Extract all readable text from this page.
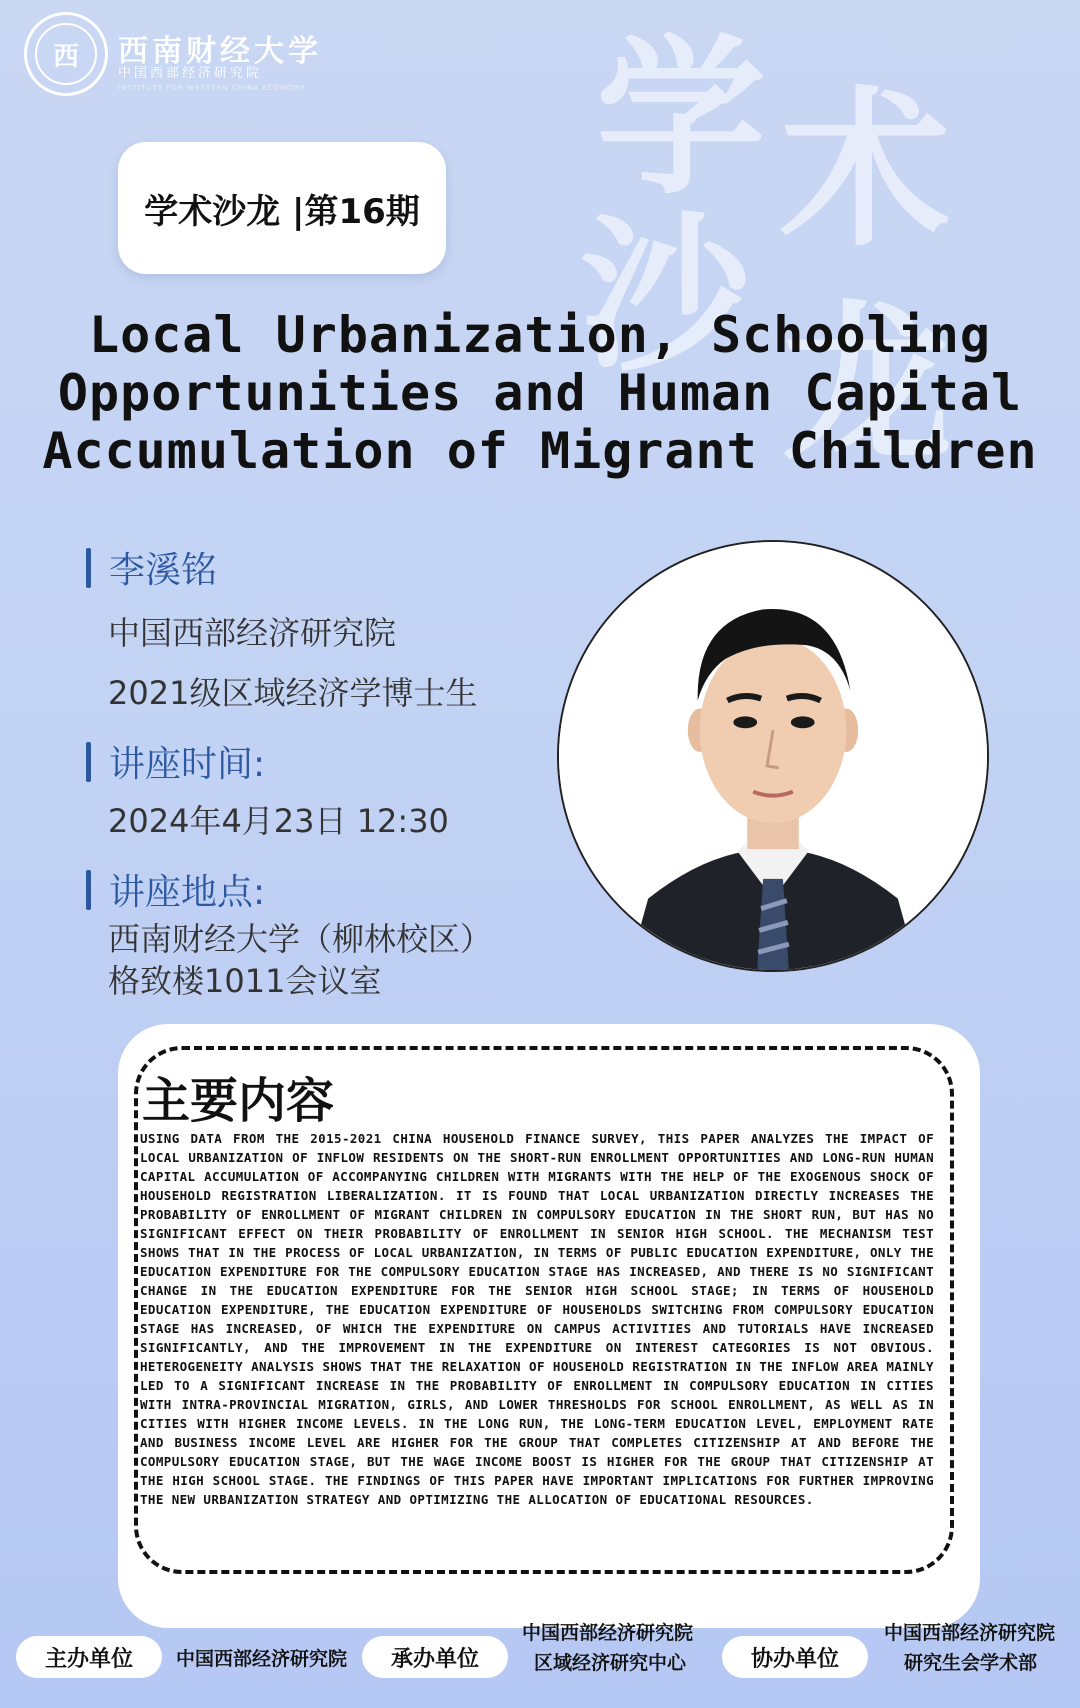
西	西南财经大学
中国西部经济研究院
INSTITUTE FOR WESTERN CHINA ECONOMY 学 术
沙 龙
学术沙龙 |第16期
Local Urbanization, Schooling
Opportunities and Human Capital
Accumulation of Migrant Children
李溪铭
中国西部经济研究院
2021级区域经济学博士生
讲座时间:
2024年4月23日 12:30
讲座地点:
西南财经大学（柳林校区）
格致楼1011会议室
主要内容
USING DATA FROM THE 2015-2021 CHINA HOUSEHOLD FINANCE SURVEY, THIS PAPER ANALYZES THE IMPACT OF LOCAL URBANIZATION OF INFLOW RESIDENTS ON THE SHORT-RUN ENROLLMENT OPPORTUNITIES AND LONG-RUN HUMAN CAPITAL ACCUMULATION OF ACCOMPANYING CHILDREN WITH MIGRANTS WITH THE HELP OF THE EXOGENOUS SHOCK OF HOUSEHOLD REGISTRATION LIBERALIZATION. IT IS FOUND THAT LOCAL URBANIZATION DIRECTLY INCREASES THE PROBABILITY OF ENROLLMENT OF MIGRANT CHILDREN IN COMPULSORY EDUCATION IN THE SHORT RUN, BUT HAS NO SIGNIFICANT EFFECT ON THEIR PROBABILITY OF ENROLLMENT IN SENIOR HIGH SCHOOL. THE MECHANISM TEST SHOWS THAT IN THE PROCESS OF LOCAL URBANIZATION, IN TERMS OF PUBLIC EDUCATION EXPENDITURE, ONLY THE EDUCATION EXPENDITURE FOR THE COMPULSORY EDUCATION STAGE HAS INCREASED, AND THERE IS NO SIGNIFICANT CHANGE IN THE EDUCATION EXPENDITURE FOR THE SENIOR HIGH SCHOOL STAGE; IN TERMS OF HOUSEHOLD EDUCATION EXPENDITURE, THE EDUCATION EXPENDITURE OF HOUSEHOLDS SWITCHING FROM COMPULSORY EDUCATION STAGE HAS INCREASED, OF WHICH THE EXPENDITURE ON CAMPUS ACTIVITIES AND TUTORIALS HAVE INCREASED SIGNIFICANTLY, AND THE IMPROVEMENT IN THE EXPENDITURE ON INTEREST CATEGORIES IS NOT OBVIOUS. HETEROGENEITY ANALYSIS SHOWS THAT THE RELAXATION OF HOUSEHOLD REGISTRATION IN THE INFLOW AREA MAINLY LED TO A SIGNIFICANT INCREASE IN THE PROBABILITY OF ENROLLMENT IN COMPULSORY EDUCATION IN CITIES WITH INTRA-PROVINCIAL MIGRATION, GIRLS, AND LOWER THRESHOLDS FOR SCHOOL ENROLLMENT, AS WELL AS IN CITIES WITH HIGHER INCOME LEVELS. IN THE LONG RUN, THE LONG-TERM EDUCATION LEVEL, EMPLOYMENT RATE AND BUSINESS INCOME LEVEL ARE HIGHER FOR THE GROUP THAT COMPLETES CITIZENSHIP AT AND BEFORE THE COMPULSORY EDUCATION STAGE, BUT THE WAGE INCOME BOOST IS HIGHER FOR THE GROUP THAT CITIZENSHIP AT THE HIGH SCHOOL STAGE. THE FINDINGS OF THIS PAPER HAVE IMPORTANT IMPLICATIONS FOR FURTHER IMPROVING THE NEW URBANIZATION STRATEGY AND OPTIMIZING THE ALLOCATION OF EDUCATIONAL RESOURCES.
主办单位	中国西部经济研究院	承办单位
中国西部经济研究院
区域经济研究中心	协办单位
中国西部经济研究院
研究生会学术部
